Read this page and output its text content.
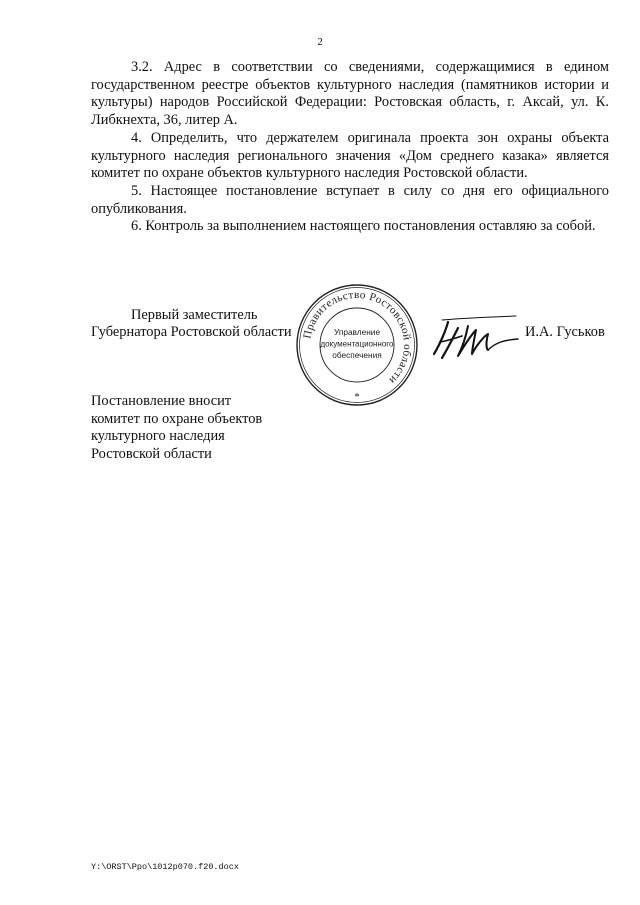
2

3.2. Адрес в соответствии со сведениями, содержащимися в едином государственном реестре объектов культурного наследия (памятников истории и культуры) народов Российской Федерации: Ростовская область, г. Аксай, ул. К. Либкнехта, 36, литер А.

4. Определить, что держателем оригинала проекта зон охраны объекта культурного наследия регионального значения «Дом среднего казака» является комитет по охране объектов культурного наследия Ростовской области.

5. Настоящее постановление вступает в силу со дня его официального опубликования.

6. Контроль за выполнением настоящего постановления оставляю за собой.

Первый заместитель
Губернатора Ростовской области Правительство Ростовской области
Управление
документационного
обеспечения
*
И.А. Гуськов
Постановление вносит
комитет по охране объектов
культурного наследия
Ростовской области
Y:\ORST\Ppo\1012p070.f20.docx
